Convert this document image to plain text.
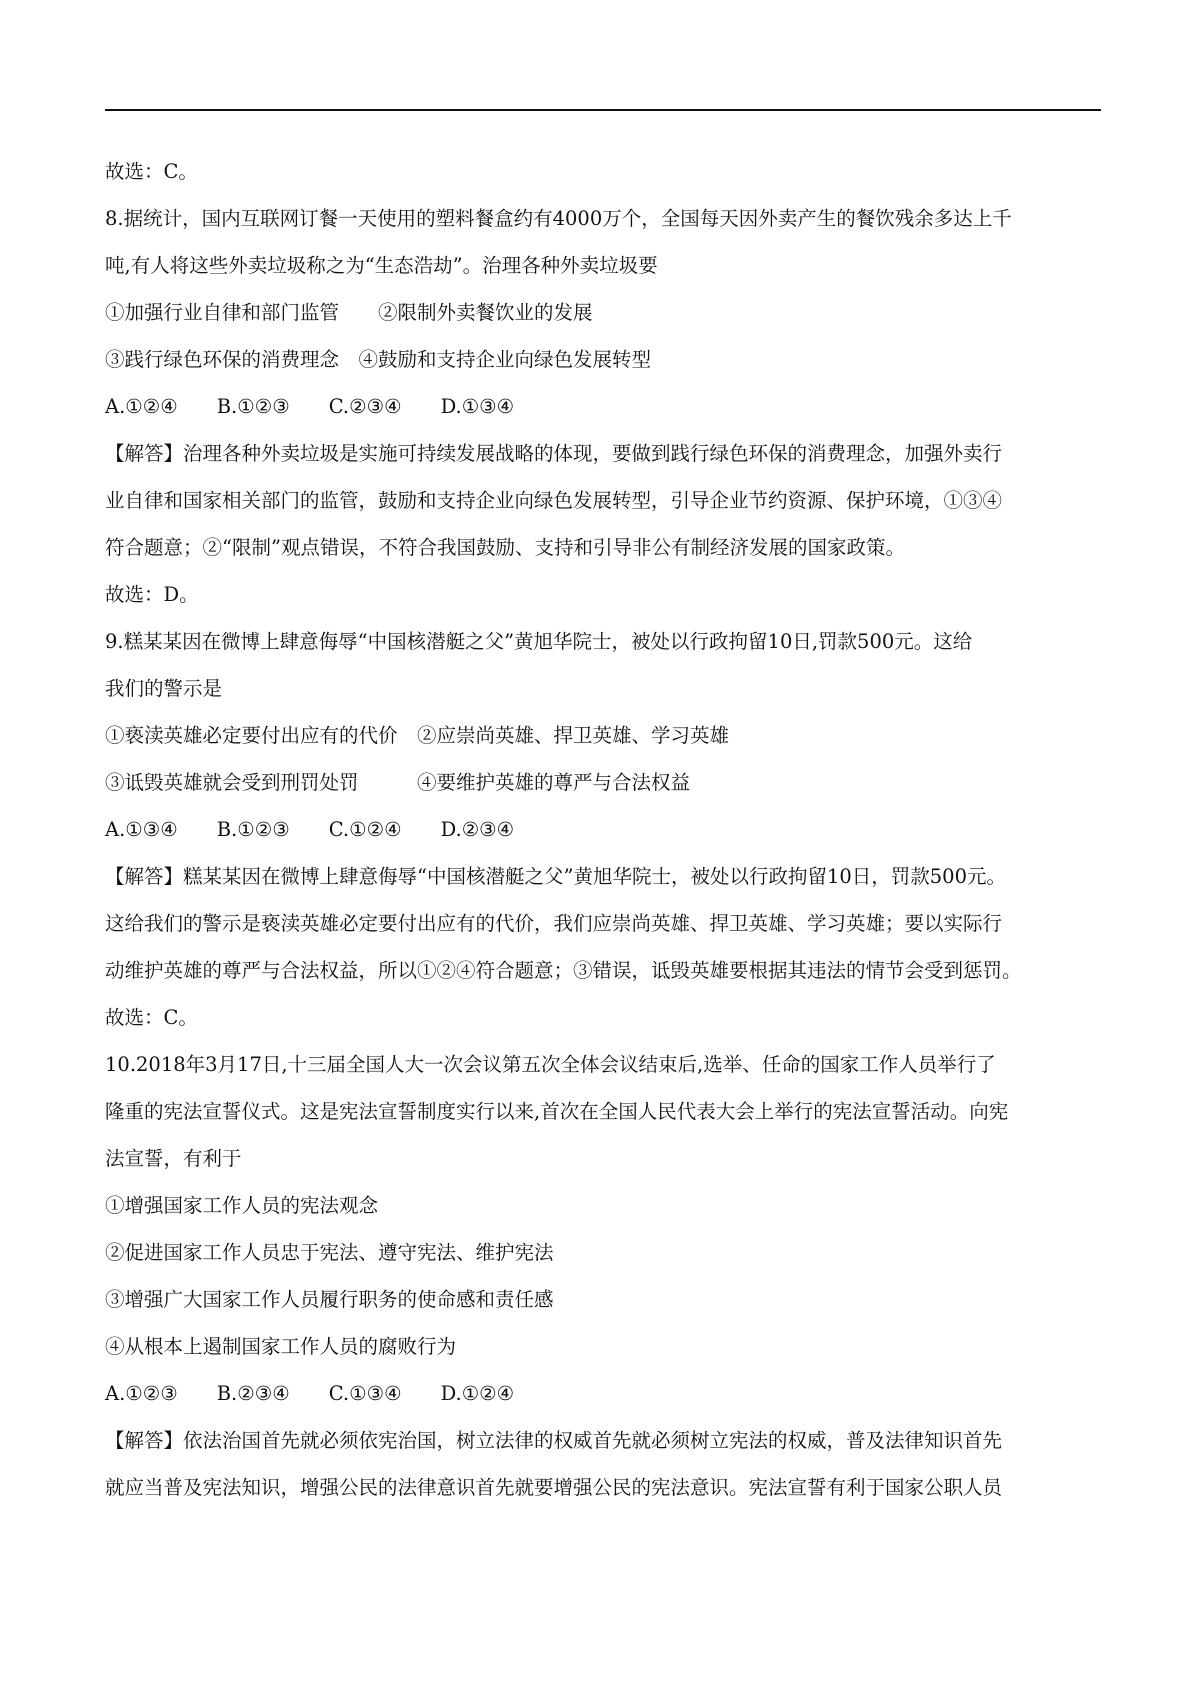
故选：C。
8.据统计，国内互联网订餐一天使用的塑料餐盒约有4000万个，全国每天因外卖产生的餐饮残余多达上千
吨,有人将这些外卖垃圾称之为“生态浩劫”。治理各种外卖垃圾要
①加强行业自律和部门监管　　②限制外卖餐饮业的发展
③践行绿色环保的消费理念　④鼓励和支持企业向绿色发展转型
A.①②④　　B.①②③　　C.②③④　　D.①③④
【解答】治理各种外卖垃圾是实施可持续发展战略的体现，要做到践行绿色环保的消费理念，加强外卖行
业自律和国家相关部门的监管，鼓励和支持企业向绿色发展转型，引导企业节约资源、保护环境，①③④
符合题意；②“限制”观点错误，不符合我国鼓励、支持和引导非公有制经济发展的国家政策。
故选：D。
9.糕某某因在微博上肆意侮辱“中国核潜艇之父”黄旭华院士，被处以行政拘留10日,罚款500元。这给
我们的警示是
①亵渎英雄必定要付出应有的代价　②应崇尚英雄、捍卫英雄、学习英雄
③诋毁英雄就会受到刑罚处罚　　　④要维护英雄的尊严与合法权益
A.①③④　　B.①②③　　C.①②④　　D.②③④
【解答】糕某某因在微博上肆意侮辱“中国核潜艇之父”黄旭华院士，被处以行政拘留10日，罚款500元。
这给我们的警示是亵渎英雄必定要付出应有的代价，我们应崇尚英雄、捍卫英雄、学习英雄；要以实际行
动维护英雄的尊严与合法权益，所以①②④符合题意；③错误，诋毁英雄要根据其违法的情节会受到惩罚。
故选：C。
10.2018年3月17日,十三届全国人大一次会议第五次全体会议结束后,选举、任命的国家工作人员举行了
隆重的宪法宣誓仪式。这是宪法宣誓制度实行以来,首次在全国人民代表大会上举行的宪法宣誓活动。向宪
法宣誓，有利于
①增强国家工作人员的宪法观念
②促进国家工作人员忠于宪法、遵守宪法、维护宪法
③增强广大国家工作人员履行职务的使命感和责任感
④从根本上遏制国家工作人员的腐败行为
A.①②③　　B.②③④　　C.①③④　　D.①②④
【解答】依法治国首先就必须依宪治国，树立法律的权威首先就必须树立宪法的权威，普及法律知识首先
就应当普及宪法知识，增强公民的法律意识首先就要增强公民的宪法意识。宪法宣誓有利于国家公职人员
